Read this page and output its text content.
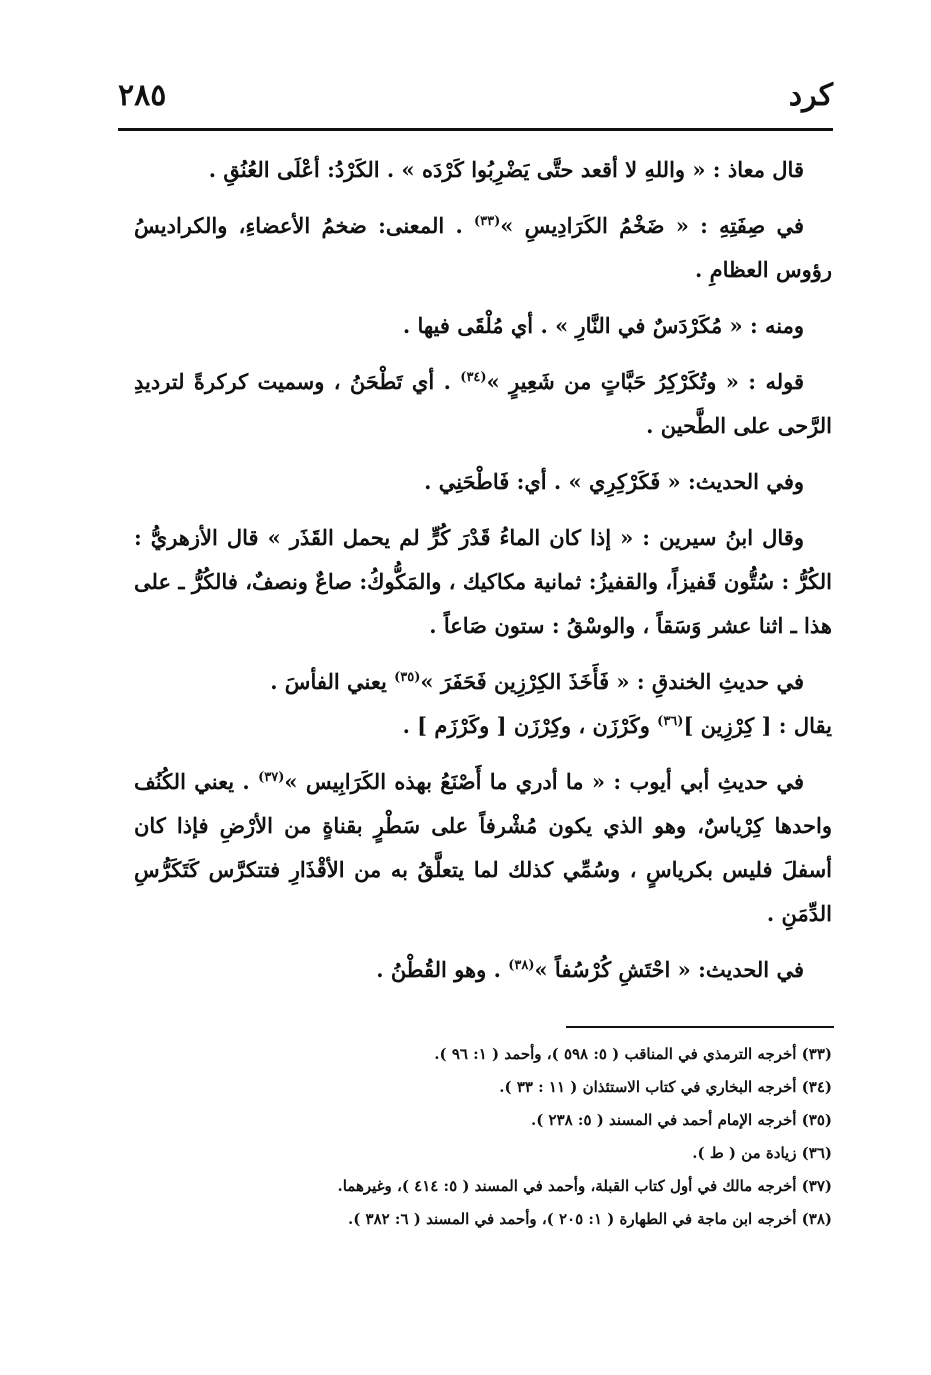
كرد
٢٨٥

قال معاذ : « واللهِ لا أقعد حتَّى يَضْرِبُوا كَرْدَه » . الكَرْدُ: أعْلَى العُنُقِ .

في صِفَتِهِ : « ضَخْمُ الكَرَادِيسِ »$^{(٣٣)}$ . المعنى: ضخمُ الأعضاءِ، والكراديسُ رؤوس العظامِ .

ومنه : « مُكَرْدَسٌ في النَّارِ » . أي مُلْقَى فيها .

قوله : « وتُكَرْكِرُ حَبَّاتٍ من شَعِيرٍ »$^{(٣٤)}$ . أي تَطْحَنُ ، وسميت كركرةً لترديدِ الرَّحى على الطَّحين .

وفي الحديث: « فَكَرْكِرِي » . أي: فَاطْحَنِي .

وقال ابنُ سيرين : « إذا كان الماءُ قَدْرَ كُرٍّ لم يحمل القَذَر » قال الأزهريُّ : الكُرُّ : سُتُّون قَفيزاً، والقفيزُ: ثمانية مكاكيك ، والمَكُّوكُ: صاعٌ ونصفٌ، فالكُرُّ ـ على هذا ـ اثنا عشر وَسَقاً ، والوسْقُ : ستون صَاعاً .

في حديثِ الخندقِ : « فَأَخَذَ الكِرْزِين فَحَفَرَ »$^{(٣٥)}$ يعني الفأسَ .

يقال : [ كِرْزِين ]$^{(٣٦)}$ وكَرْزَن ، وكِرْزَن [ وكَرْزَم ] .

في حديثِ أبي أيوب : « ما أدري ما أَصْنَعُ بهذه الكَرَابِيس »$^{(٣٧)}$ . يعني الكُنُف واحدها كِرْياسٌ، وهو الذي يكون مُشْرفاً على سَطْرٍ بقناةٍ من الأرْضِ فإذا كان أسفلَ فليس بكرياسٍ ، وسُمِّي كذلك لما يتعلَّقُ به من الأقْذَارِ فتتكرَّس كَتَكَرُّسِ الدِّمَنِ .

في الحديث: « احْتَشِ كُرْسُفاً »$^{(٣٨)}$ . وهو القُطْنُ .

(٣٣) أخرجه الترمذي في المناقب ( ٥: ٥٩٨ )، وأحمد ( ١: ٩٦ ).

(٣٤) أخرجه البخاري في كتاب الاستئذان ( ١١ : ٣٣ ).

(٣٥) أخرجه الإمام أحمد في المسند ( ٥: ٢٣٨ ).

(٣٦) زيادة من ( ط ).

(٣٧) أخرجه مالك في أول كتاب القبلة، وأحمد في المسند ( ٥: ٤١٤ )، وغيرهما.

(٣٨) أخرجه ابن ماجة في الطهارة ( ١: ٢٠٥ )، وأحمد في المسند ( ٦: ٣٨٢ ).
